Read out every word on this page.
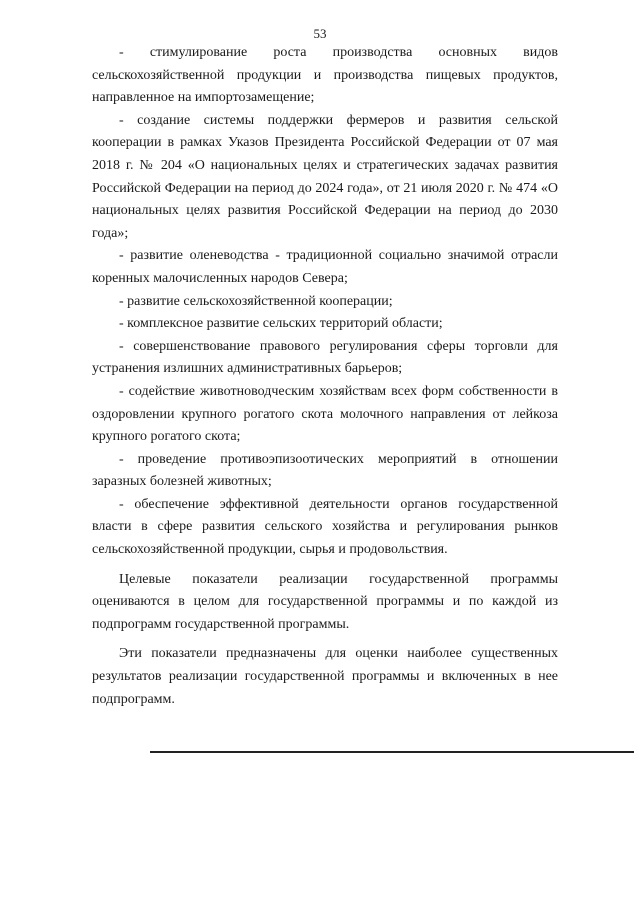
53

- стимулирование роста производства основных видов сельскохозяйственной продукции и производства пищевых продуктов, направленное на импортозамещение;

- создание системы поддержки фермеров и развития сельской кооперации в рамках Указов Президента Российской Федерации от 07 мая 2018 г. № 204 «О национальных целях и стратегических задачах развития Российской Федерации на период до 2024 года», от 21 июля 2020 г. № 474 «О национальных целях развития Российской Федерации на период до 2030 года»;

- развитие оленеводства - традиционной социально значимой отрасли коренных малочисленных народов Севера;

- развитие сельскохозяйственной кооперации;

- комплексное развитие сельских территорий области;

- совершенствование правового регулирования сферы торговли для устранения излишних административных барьеров;

- содействие животноводческим хозяйствам всех форм собственности в оздоровлении крупного рогатого скота молочного направления от лейкоза крупного рогатого скота;

- проведение противоэпизоотических мероприятий в отношении заразных болезней животных;

- обеспечение эффективной деятельности органов государственной власти в сфере развития сельского хозяйства и регулирования рынков сельскохозяйственной продукции, сырья и продовольствия.

Целевые показатели реализации государственной программы оцениваются в целом для государственной программы и по каждой из подпрограмм государственной программы.

Эти показатели предназначены для оценки наиболее существенных результатов реализации государственной программы и включенных в нее подпрограмм.
